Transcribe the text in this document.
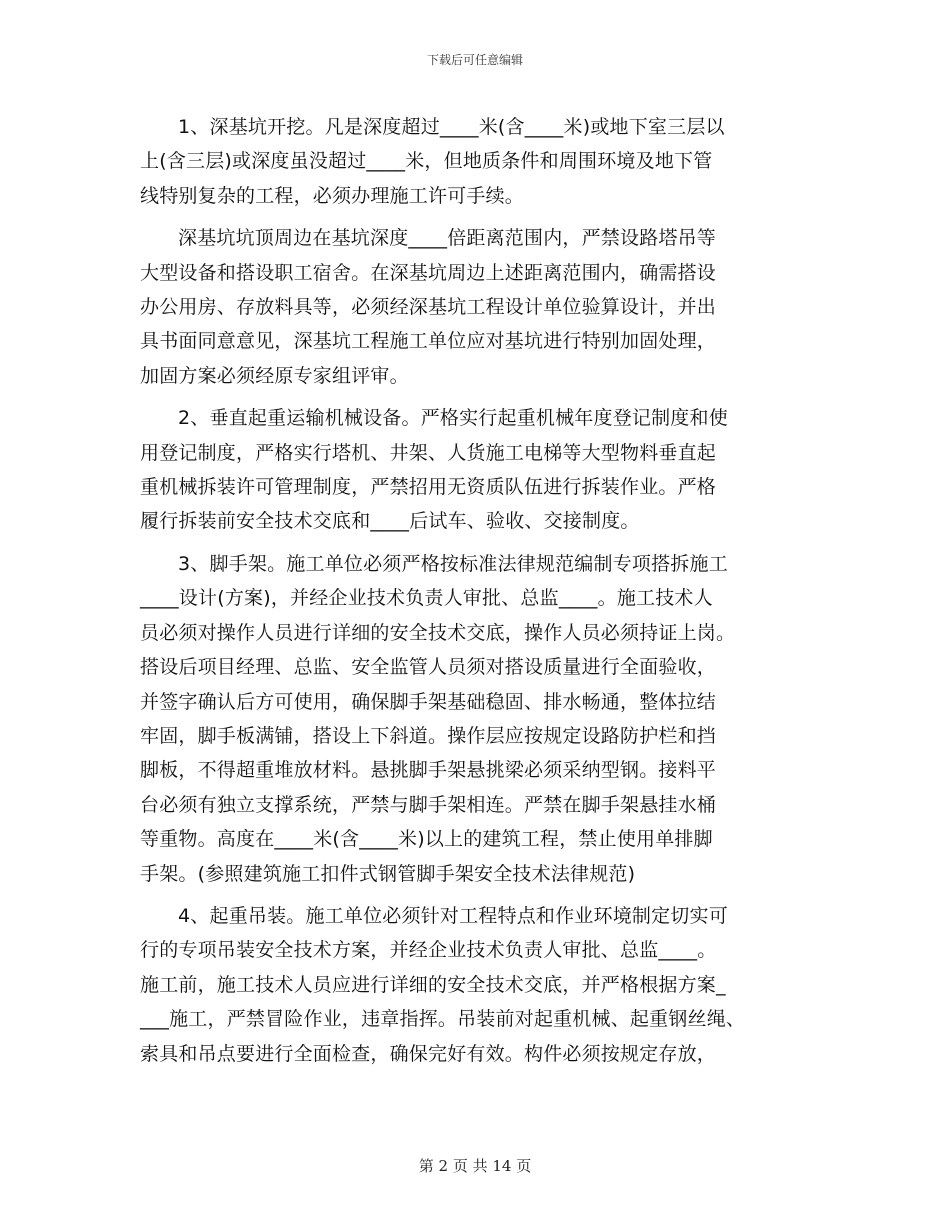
下载后可任意编辑

1、深基坑开挖。凡是深度超过____米(含____米)或地下室三层以
上(含三层)或深度虽没超过____米，但地质条件和周围环境及地下管
线特别复杂的工程，必须办理施工许可手续。

深基坑坑顶周边在基坑深度____倍距离范围内，严禁设路塔吊等
大型设备和搭设职工宿舍。在深基坑周边上述距离范围内，确需搭设
办公用房、存放料具等，必须经深基坑工程设计单位验算设计，并出
具书面同意意见，深基坑工程施工单位应对基坑进行特别加固处理，
加固方案必须经原专家组评审。

2、垂直起重运输机械设备。严格实行起重机械年度登记制度和使
用登记制度，严格实行塔机、井架、人货施工电梯等大型物料垂直起
重机械拆装许可管理制度，严禁招用无资质队伍进行拆装作业。严格
履行拆装前安全技术交底和____后试车、验收、交接制度。

3、脚手架。施工单位必须严格按标准法律规范编制专项搭拆施工
____设计(方案)，并经企业技术负责人审批、总监____。施工技术人
员必须对操作人员进行详细的安全技术交底，操作人员必须持证上岗。
搭设后项目经理、总监、安全监管人员须对搭设质量进行全面验收，
并签字确认后方可使用，确保脚手架基础稳固、排水畅通，整体拉结
牢固，脚手板满铺，搭设上下斜道。操作层应按规定设路防护栏和挡
脚板，不得超重堆放材料。悬挑脚手架悬挑梁必须采纳型钢。接料平
台必须有独立支撑系统，严禁与脚手架相连。严禁在脚手架悬挂水桶
等重物。高度在____米(含____米)以上的建筑工程，禁止使用单排脚
手架。(参照建筑施工扣件式钢管脚手架安全技术法律规范)

4、起重吊装。施工单位必须针对工程特点和作业环境制定切实可
行的专项吊装安全技术方案，并经企业技术负责人审批、总监____。
施工前，施工技术人员应进行详细的安全技术交底，并严格根据方案_
___施工，严禁冒险作业，违章指挥。吊装前对起重机械、起重钢丝绳、
索具和吊点要进行全面检查，确保完好有效。构件必须按规定存放，

第 2 页 共 14 页
